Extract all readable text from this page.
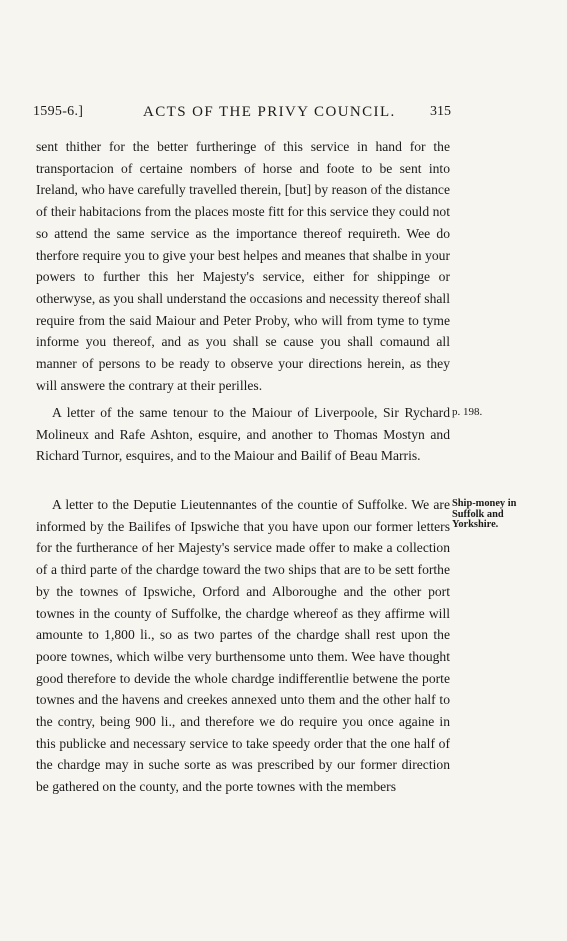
1595-6.]	ACTS OF THE PRIVY COUNCIL. 315

sent thither for the better furtheringe of this service in hand for the transportacion of certaine nombers of horse and foote to be sent into Ireland, who have carefully travelled therein, [but] by reason of the distance of their habitacions from the places moste fitt for this service they could not so attend the same service as the importance thereof requireth. Wee do therfore require you to give your best helpes and meanes that shalbe in your powers to further this her Majesty's service, either for shippinge or otherwyse, as you shall understand the occasions and necessity thereof shall require from the said Maiour and Peter Proby, who will from tyme to tyme informe you thereof, and as you shall se cause you shall comaund all manner of persons to be ready to observe your directions herein, as they will answere the contrary at their perilles.

A letter of the same tenour to the Maiour of Liverpoole, Sir Rychard Molineux and Rafe Ashton, esquire, and another to Thomas Mostyn and Richard Turnor, esquires, and to the Maiour and Bailif of Beau Marris.

A letter to the Deputie Lieutennantes of the countie of Suffolke. We are informed by the Bailifes of Ipswiche that you have upon our former letters for the furtherance of her Majesty's service made offer to make a collection of a third parte of the chardge toward the two ships that are to be sett forthe by the townes of Ipswiche, Orford and Alboroughe and the other port townes in the county of Suffolke, the chardge whereof as they affirme will amounte to 1,800 li., so as two partes of the chardge shall rest upon the poore townes, which wilbe very burthensome unto them. Wee have thought good therefore to devide the whole chardge indifferentlie betwene the porte townes and the havens and creekes annexed unto them and the other half to the contry, being 900 li., and therefore we do require you once againe in this publicke and necessary service to take speedy order that the one half of the chardge may in suche sorte as was prescribed by our former direction be gathered on the county, and the porte townes with the members

p. 198.
Ship-money in Suffolk and Yorkshire.
